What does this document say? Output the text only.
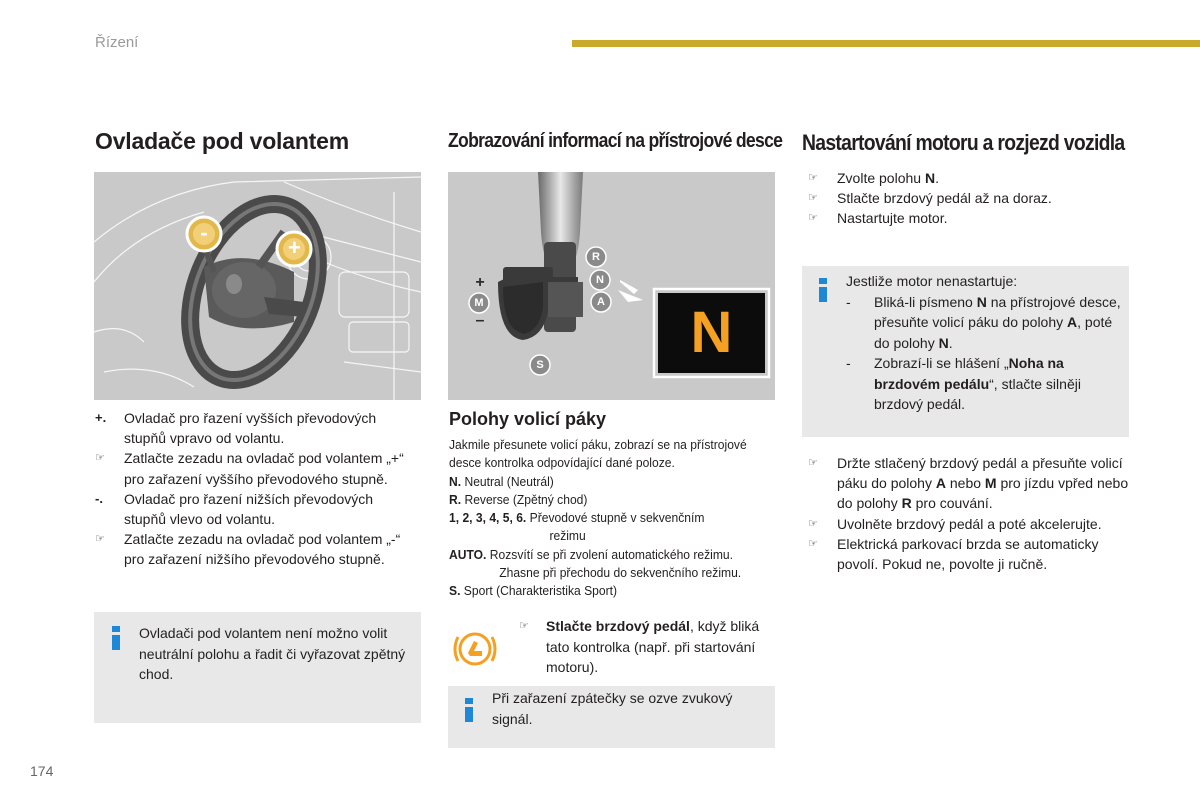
Řízení
Ovladače pod volantem
-
+
+.	Ovladač pro řazení vyšších převodových stupňů vpravo od volantu.
☞	Zatlačte zezadu na ovladač pod volantem „+“ pro zařazení vyššího převodového stupně.
-.	Ovladač pro řazení nižších převodových stupňů vlevo od volantu.
☞	Zatlačte zezadu na ovladač pod volantem „-“ pro zařazení nižšího převodového stupně.
Ovladači pod volantem není možno volit neutrální polohu a řadit či vyřazovat zpětný chod.
Zobrazování informací na přístrojové desce
R
N
A
S
M
+
–	N
Polohy volicí páky
Jakmile přesunete volicí páku, zobrazí se na přístrojové desce kontrolka odpovídající dané poloze.
N. Neutral (Neutrál)
R. Reverse (Zpětný chod)
1, 2, 3, 4, 5, 6. Převodové stupně v sekvenčním
režimu
AUTO. Rozsvítí se při zvolení automatického režimu.
Zhasne při přechodu do sekvenčního režimu.
S. Sport (Charakteristika Sport)
☞	Stlačte brzdový pedál, když bliká tato kontrolka (např. při startování motoru).
Při zařazení zpátečky se ozve zvukový signál.
Nastartování motoru a rozjezd vozidla
☞	Zvolte polohu N.
☞	Stlačte brzdový pedál až na doraz.
☞	Nastartujte motor.
Jestliže motor nenastartuje:
- Bliká-li písmeno N na přístrojové desce, přesuňte volicí páku do polohy A, poté do polohy N.
- Zobrazí-li se hlášení „Noha na brzdovém pedálu“, stlačte silněji brzdový pedál.
☞	Držte stlačený brzdový pedál a přesuňte volicí páku do polohy A nebo M pro jízdu vpřed nebo do polohy R pro couvání.
☞	Uvolněte brzdový pedál a poté akcelerujte.
☞	Elektrická parkovací brzda se automaticky povolí. Pokud ne, povolte ji ručně.
174
